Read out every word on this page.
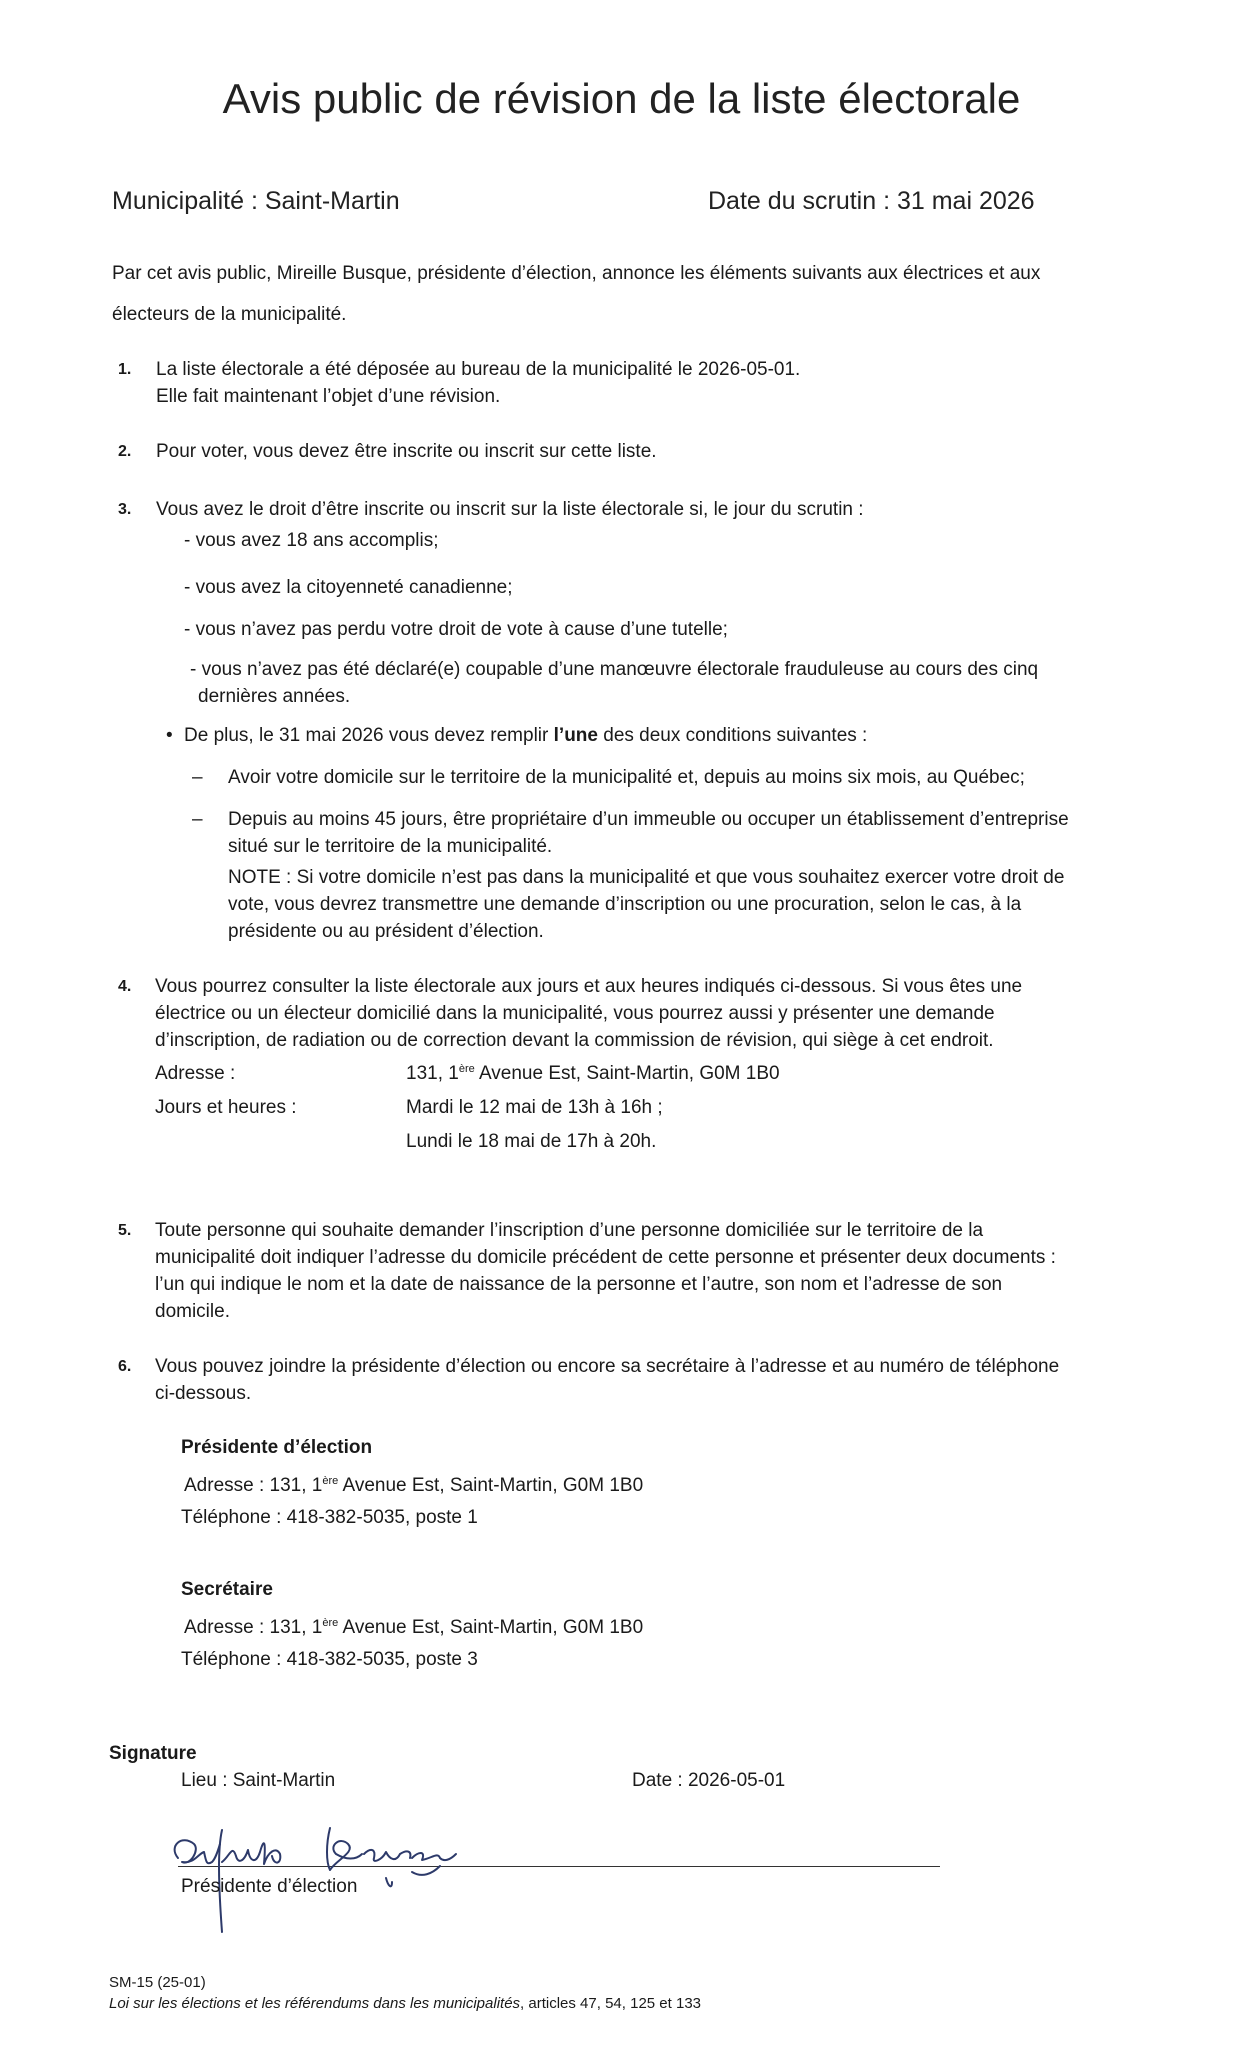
Avis public de révision de la liste électorale
Municipalité : Saint-Martin	Date du scrutin : 31 mai 2026
Par cet avis public, Mireille Busque, présidente d’élection, annonce les éléments suivants aux électrices et aux
électeurs de la municipalité.
1. La liste électorale a été déposée au bureau de la municipalité le 2026-05-01.
Elle fait maintenant l’objet d’une révision.
2. Pour voter, vous devez être inscrite ou inscrit sur cette liste.
3. Vous avez le droit d’être inscrite ou inscrit sur la liste électorale si, le jour du scrutin :
- vous avez 18 ans accomplis;
- vous avez la citoyenneté canadienne;
- vous n’avez pas perdu votre droit de vote à cause d’une tutelle;
- vous n’avez pas été déclaré(e) coupable d’une manœuvre électorale frauduleuse au cours des cinq
dernières années.
• De plus, le 31 mai 2026 vous devez remplir l’une des deux conditions suivantes :
– Avoir votre domicile sur le territoire de la municipalité et, depuis au moins six mois, au Québec;
– Depuis au moins 45 jours, être propriétaire d’un immeuble ou occuper un établissement d’entreprise
situé sur le territoire de la municipalité.
NOTE : Si votre domicile n’est pas dans la municipalité et que vous souhaitez exercer votre droit de
vote, vous devrez transmettre une demande d’inscription ou une procuration, selon le cas, à la
présidente ou au président d’élection.
4. Vous pourrez consulter la liste électorale aux jours et aux heures indiqués ci-dessous. Si vous êtes une
électrice ou un électeur domicilié dans la municipalité, vous pourrez aussi y présenter une demande
d’inscription, de radiation ou de correction devant la commission de révision, qui siège à cet endroit.
Adresse :	131, 1ère Avenue Est, Saint-Martin, G0M 1B0
Jours et heures :	Mardi le 12 mai de 13h à 16h ;
Lundi le 18 mai de 17h à 20h.
5. Toute personne qui souhaite demander l’inscription d’une personne domiciliée sur le territoire de la
municipalité doit indiquer l’adresse du domicile précédent de cette personne et présenter deux documents :
l’un qui indique le nom et la date de naissance de la personne et l’autre, son nom et l’adresse de son
domicile.
6. Vous pouvez joindre la présidente d’élection ou encore sa secrétaire à l’adresse et au numéro de téléphone
ci-dessous.
Présidente d’élection
Adresse : 131, 1ère Avenue Est, Saint-Martin, G0M 1B0
Téléphone : 418-382-5035, poste 1
Secrétaire
Adresse : 131, 1ère Avenue Est, Saint-Martin, G0M 1B0
Téléphone : 418-382-5035, poste 3
Signature
Lieu : Saint-Martin	Date : 2026-05-01
Présidente d’élection
SM-15 (25-01)
Loi sur les élections et les référendums dans les municipalités, articles 47, 54, 125 et 133
